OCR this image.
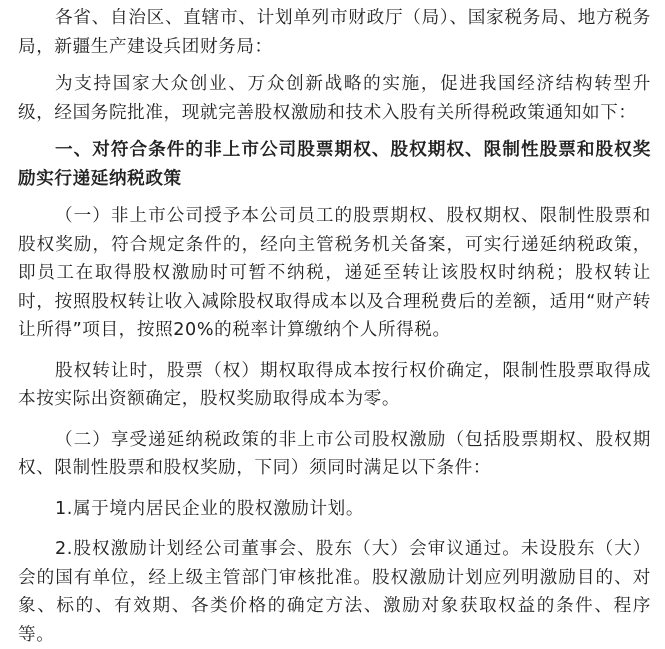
各省、自治区、直辖市、计划单列市财政厅（局）、国家税务局、地方税务局，新疆生产建设兵团财务局：

为支持国家大众创业、万众创新战略的实施，促进我国经济结构转型升级，经国务院批准，现就完善股权激励和技术入股有关所得税政策通知如下：

一、对符合条件的非上市公司股票期权、股权期权、限制性股票和股权奖励实行递延纳税政策

（一）非上市公司授予本公司员工的股票期权、股权期权、限制性股票和股权奖励，符合规定条件的，经向主管税务机关备案，可实行递延纳税政策，即员工在取得股权激励时可暂不纳税，递延至转让该股权时纳税；股权转让时，按照股权转让收入减除股权取得成本以及合理税费后的差额，适用“财产转让所得”项目，按照20%的税率计算缴纳个人所得税。

股权转让时，股票（权）期权取得成本按行权价确定，限制性股票取得成本按实际出资额确定，股权奖励取得成本为零。

（二）享受递延纳税政策的非上市公司股权激励（包括股票期权、股权期权、限制性股票和股权奖励，下同）须同时满足以下条件：

1.属于境内居民企业的股权激励计划。

2.股权激励计划经公司董事会、股东（大）会审议通过。未设股东（大）会的国有单位，经上级主管部门审核批准。股权激励计划应列明激励目的、对象、标的、有效期、各类价格的确定方法、激励对象获取权益的条件、程序等。
